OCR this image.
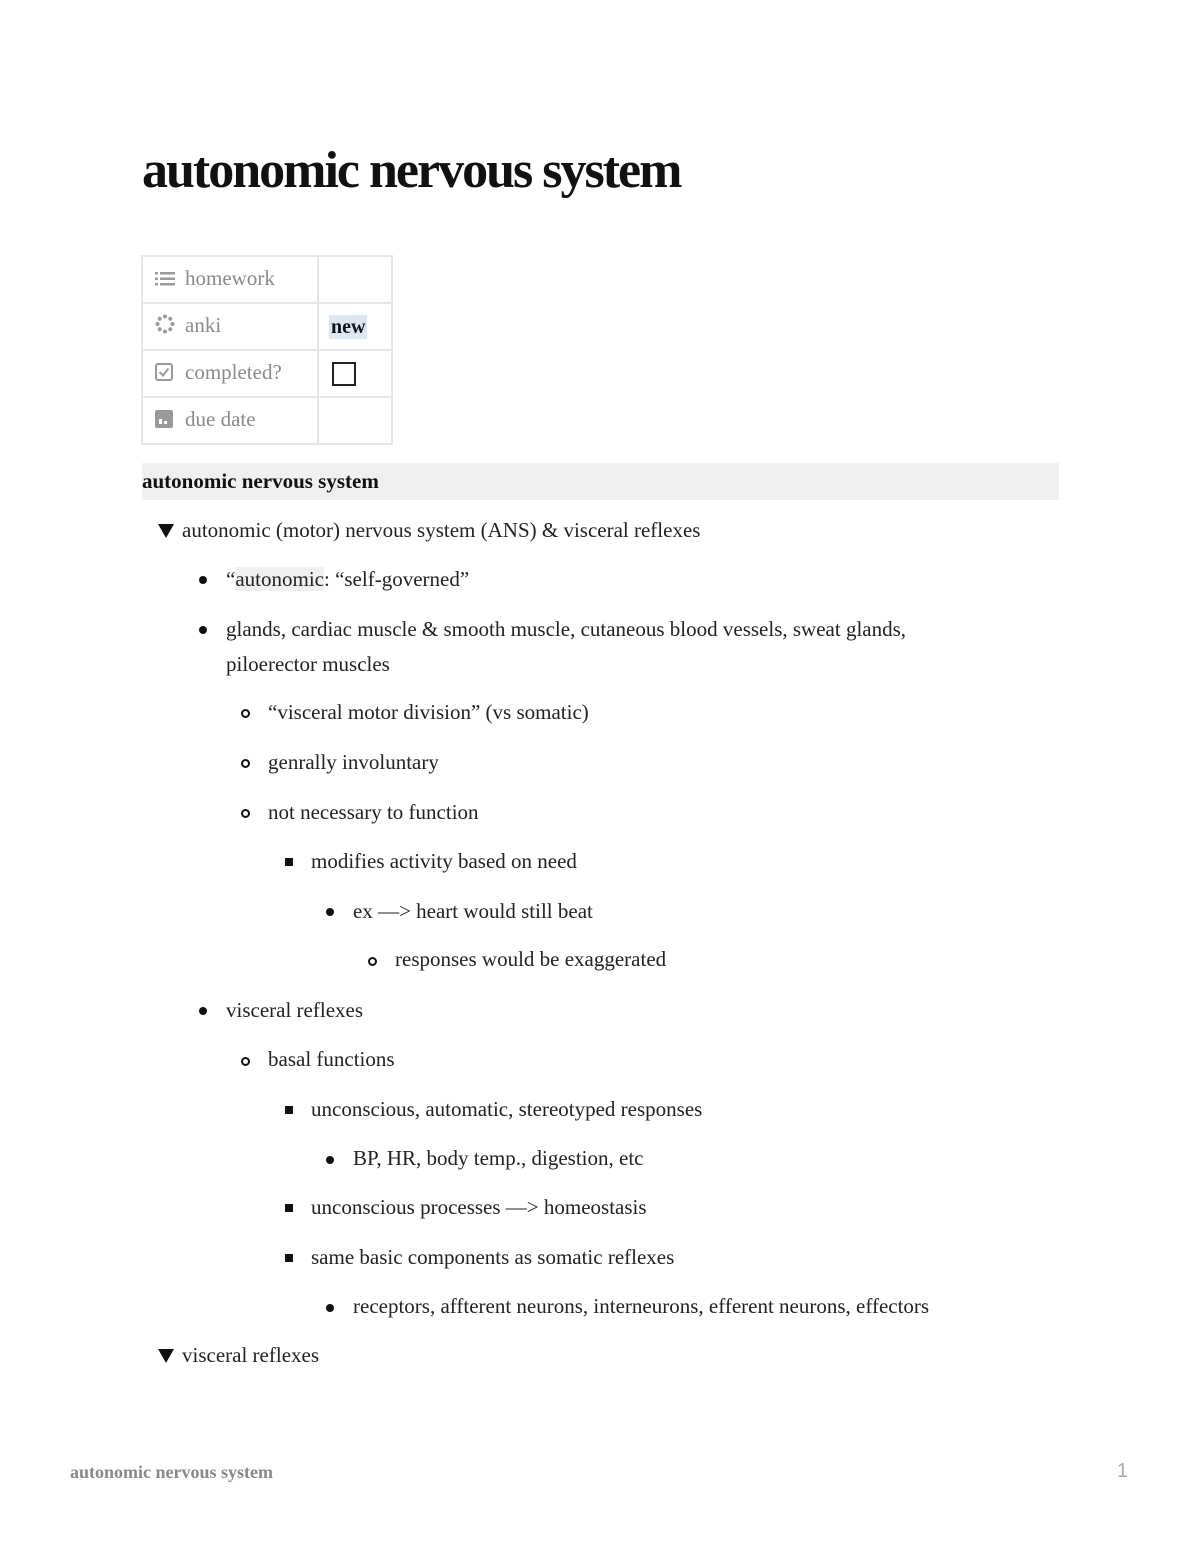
autonomic nervous system
homework	
anki	new
completed?	
due date	
autonomic nervous system
autonomic (motor) nervous system (ANS) & visceral reflexes
“autonomic: “self-governed”
glands, cardiac muscle & smooth muscle, cutaneous blood vessels, sweat glands,
piloerector muscles
“visceral motor division” (vs somatic)
genrally involuntary
not necessary to function
modifies activity based on need
ex —> heart would still beat
responses would be exaggerated
visceral reflexes
basal functions
unconscious, automatic, stereotyped responses
BP, HR, body temp., digestion, etc
unconscious processes —> homeostasis
same basic components as somatic reflexes
receptors, affterent neurons, interneurons, efferent neurons, effectors
visceral reflexes
autonomic nervous system	1
